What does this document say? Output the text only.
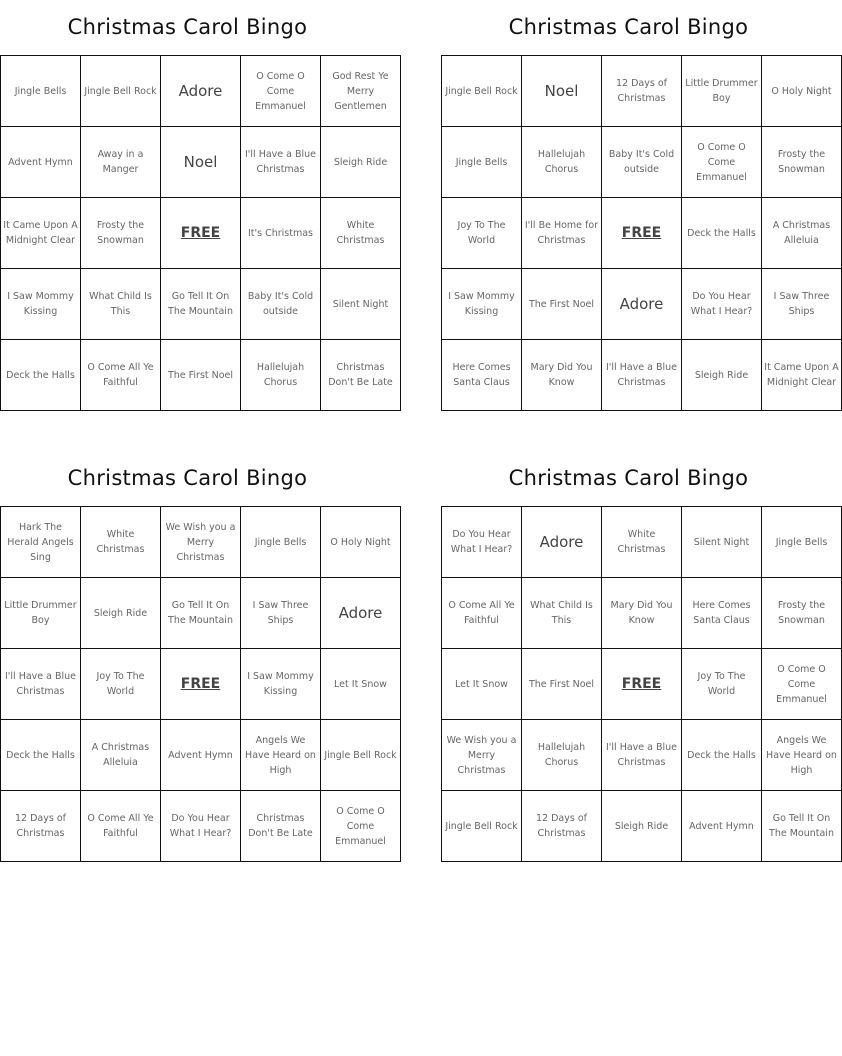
Christmas Carol Bingo
Jingle Bells	Jingle Bell Rock	Adore	O Come O Come Emmanuel	God Rest Ye Merry Gentlemen
Advent Hymn	Away in a Manger	Noel	I'll Have a Blue Christmas	Sleigh Ride
It Came Upon A Midnight Clear	Frosty the Snowman	FREE	It's Christmas	White Christmas
I Saw Mommy Kissing	What Child Is This	Go Tell It On The Mountain	Baby It's Cold outside	Silent Night
Deck the Halls	O Come All Ye Faithful	The First Noel	Hallelujah Chorus	Christmas Don't Be Late
Christmas Carol Bingo
Jingle Bell Rock	Noel	12 Days of Christmas	Little Drummer Boy	O Holy Night
Jingle Bells	Hallelujah Chorus	Baby It's Cold outside	O Come O Come Emmanuel	Frosty the Snowman
Joy To The World	I'll Be Home for Christmas	FREE	Deck the Halls	A Christmas Alleluia
I Saw Mommy Kissing	The First Noel	Adore	Do You Hear What I Hear?	I Saw Three Ships
Here Comes Santa Claus	Mary Did You Know	I'll Have a Blue Christmas	Sleigh Ride	It Came Upon A Midnight Clear
Christmas Carol Bingo
Hark The Herald Angels Sing	White Christmas	We Wish you a Merry Christmas	Jingle Bells	O Holy Night
Little Drummer Boy	Sleigh Ride	Go Tell It On The Mountain	I Saw Three Ships	Adore
I'll Have a Blue Christmas	Joy To The World	FREE	I Saw Mommy Kissing	Let It Snow
Deck the Halls	A Christmas Alleluia	Advent Hymn	Angels We Have Heard on High	Jingle Bell Rock
12 Days of Christmas	O Come All Ye Faithful	Do You Hear What I Hear?	Christmas Don't Be Late	O Come O Come Emmanuel
Christmas Carol Bingo
Do You Hear What I Hear?	Adore	White Christmas	Silent Night	Jingle Bells
O Come All Ye Faithful	What Child Is This	Mary Did You Know	Here Comes Santa Claus	Frosty the Snowman
Let It Snow	The First Noel	FREE	Joy To The World	O Come O Come Emmanuel
We Wish you a Merry Christmas	Hallelujah Chorus	I'll Have a Blue Christmas	Deck the Halls	Angels We Have Heard on High
Jingle Bell Rock	12 Days of Christmas	Sleigh Ride	Advent Hymn	Go Tell It On The Mountain
